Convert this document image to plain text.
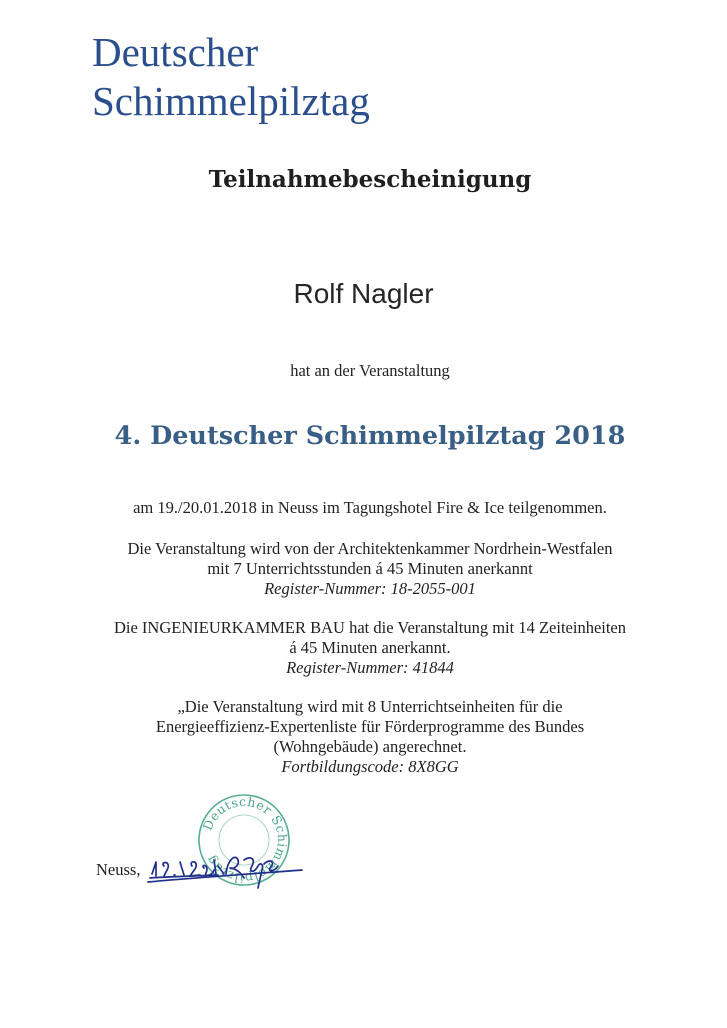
Deutscher
Schimmelpilztag
Teilnahmebescheinigung
Rolf Nagler
hat an der Veranstaltung
4. Deutscher Schimmelpilztag 2018
am 19./20.01.2018 in Neuss im Tagungshotel Fire & Ice teilgenommen.
Die Veranstaltung wird von der Architektenkammer Nordrhein-Westfalen
mit 7 Unterrichtsstunden á 45 Minuten anerkannt
Register-Nummer: 18-2055-001
Die INGENIEURKAMMER BAU hat die Veranstaltung mit 14 Zeiteinheiten
á 45 Minuten anerkannt.
Register-Nummer: 41844
„Die Veranstaltung wird mit 8 Unterrichtseinheiten für die
Energieeffizienz-Expertenliste für Förderprogramme des Bundes
(Wohngebäude) angerechnet.
Fortbildungscode: 8X8GG
Deutscher Schimmelpilztag
Neuss,
